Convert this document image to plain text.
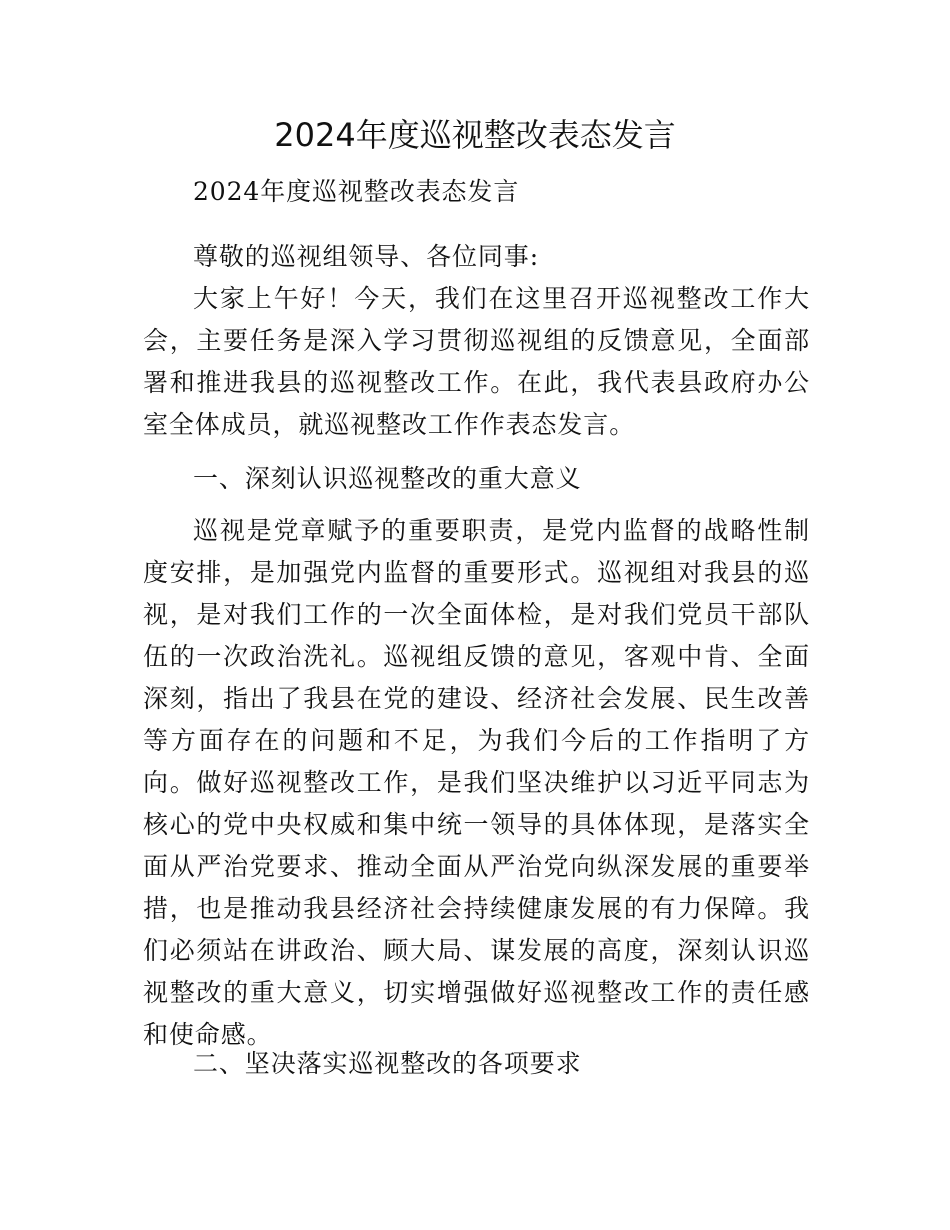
2024年度巡视整改表态发言

2024年度巡视整改表态发言

尊敬的巡视组领导、各位同事:

大家上午好！今天，我们在这里召开巡视整改工作大会，主要任务是深入学习贯彻巡视组的反馈意见，全面部署和推进我县的巡视整改工作。在此，我代表县政府办公室全体成员，就巡视整改工作作表态发言。

一、深刻认识巡视整改的重大意义

巡视是党章赋予的重要职责，是党内监督的战略性制度安排，是加强党内监督的重要形式。巡视组对我县的巡视，是对我们工作的一次全面体检，是对我们党员干部队伍的一次政治洗礼。巡视组反馈的意见，客观中肯、全面深刻，指出了我县在党的建设、经济社会发展、民生改善等方面存在的问题和不足，为我们今后的工作指明了方向。做好巡视整改工作，是我们坚决维护以习近平同志为核心的党中央权威和集中统一领导的具体体现，是落实全面从严治党要求、推动全面从严治党向纵深发展的重要举措，也是推动我县经济社会持续健康发展的有力保障。我们必须站在讲政治、顾大局、谋发展的高度，深刻认识巡视整改的重大意义，切实增强做好巡视整改工作的责任感和使命感。

二、坚决落实巡视整改的各项要求
